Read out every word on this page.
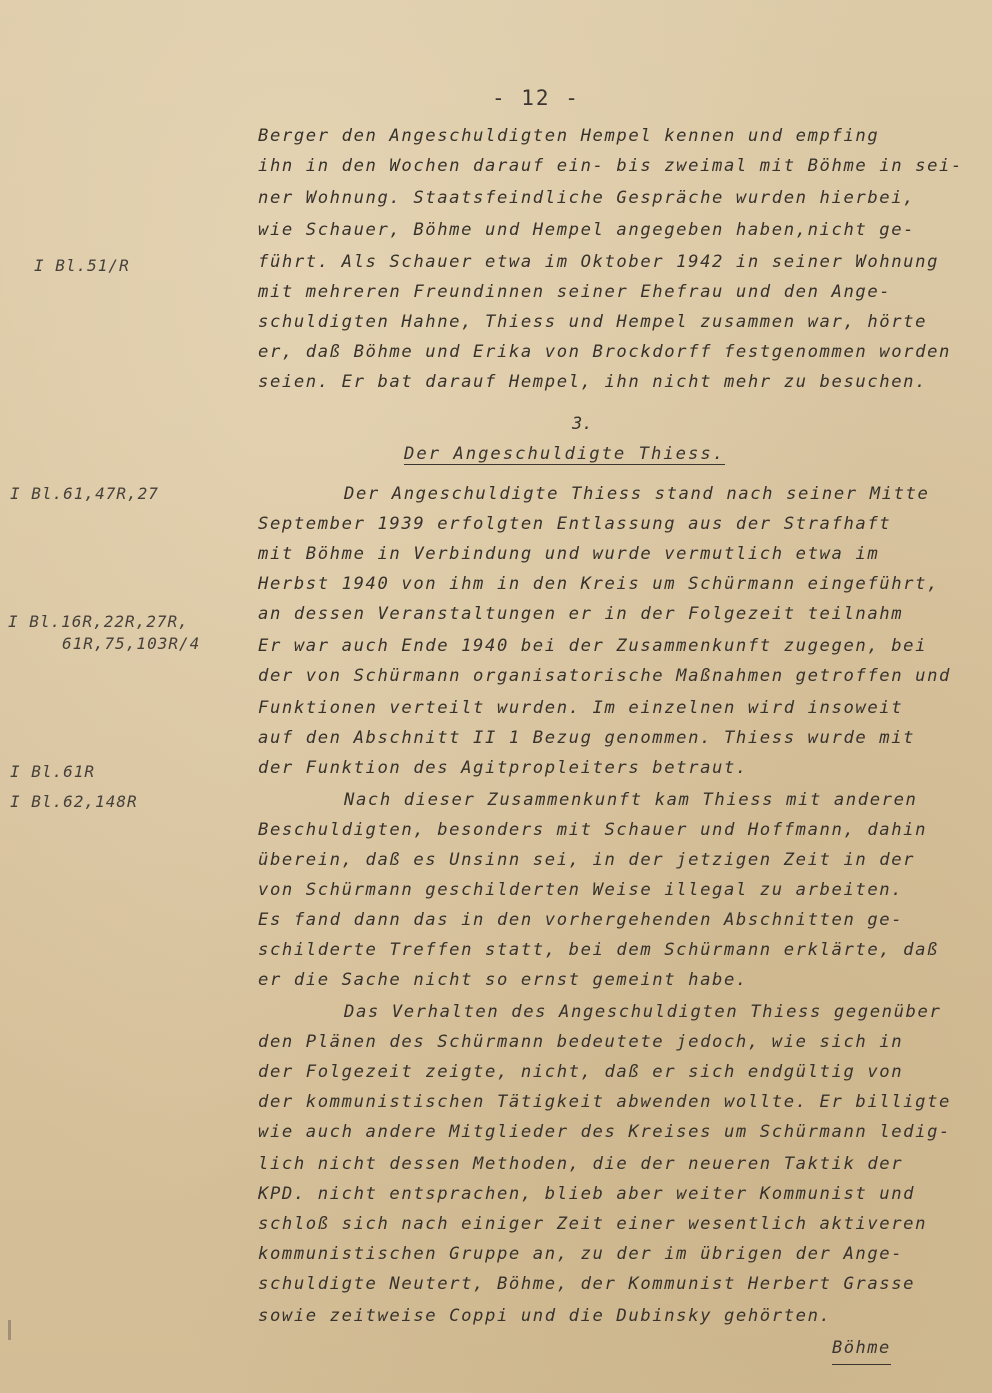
- 12 -
I Bl.51/R
I Bl.61,47R,27
I Bl.16R,22R,27R,
61R,75,103R/4
I Bl.61R
I Bl.62,148R
Berger den Angeschuldigten Hempel kennen und empfing
ihn in den Wochen darauf ein- bis zweimal mit Böhme in sei-
ner Wohnung. Staatsfeindliche Gespräche wurden hierbei,
wie Schauer, Böhme und Hempel angegeben haben,nicht ge-
führt. Als Schauer etwa im Oktober 1942 in seiner Wohnung
mit mehreren Freundinnen seiner Ehefrau und den Ange-
schuldigten Hahne, Thiess und Hempel zusammen war, hörte
er, daß Böhme und Erika von Brockdorff festgenommen worden
seien. Er bat darauf Hempel, ihn nicht mehr zu besuchen.
3.
Der Angeschuldigte Thiess.
Der Angeschuldigte Thiess stand nach seiner Mitte
September 1939 erfolgten Entlassung aus der Strafhaft
mit Böhme in Verbindung und wurde vermutlich etwa im
Herbst 1940 von ihm in den Kreis um Schürmann eingeführt,
an dessen Veranstaltungen er in der Folgezeit teilnahm
Er war auch Ende 1940 bei der Zusammenkunft zugegen, bei
der von Schürmann organisatorische Maßnahmen getroffen und
Funktionen verteilt wurden. Im einzelnen wird insoweit
auf den Abschnitt II 1 Bezug genommen. Thiess wurde mit
der Funktion des Agitpropleiters betraut.
Nach dieser Zusammenkunft kam Thiess mit anderen
Beschuldigten, besonders mit Schauer und Hoffmann, dahin
überein, daß es Unsinn sei, in der jetzigen Zeit in der
von Schürmann geschilderten Weise illegal zu arbeiten.
Es fand dann das in den vorhergehenden Abschnitten ge-
schilderte Treffen statt, bei dem Schürmann erklärte, daß
er die Sache nicht so ernst gemeint habe.
Das Verhalten des Angeschuldigten Thiess gegenüber
den Plänen des Schürmann bedeutete jedoch, wie sich in
der Folgezeit zeigte, nicht, daß er sich endgültig von
der kommunistischen Tätigkeit abwenden wollte. Er billigte
wie auch andere Mitglieder des Kreises um Schürmann ledig-
lich nicht dessen Methoden, die der neueren Taktik der
KPD. nicht entsprachen, blieb aber weiter Kommunist und
schloß sich nach einiger Zeit einer wesentlich aktiveren
kommunistischen Gruppe an, zu der im übrigen der Ange-
schuldigte Neutert, Böhme, der Kommunist Herbert Grasse
sowie zeitweise Coppi und die Dubinsky gehörten.
Böhme
